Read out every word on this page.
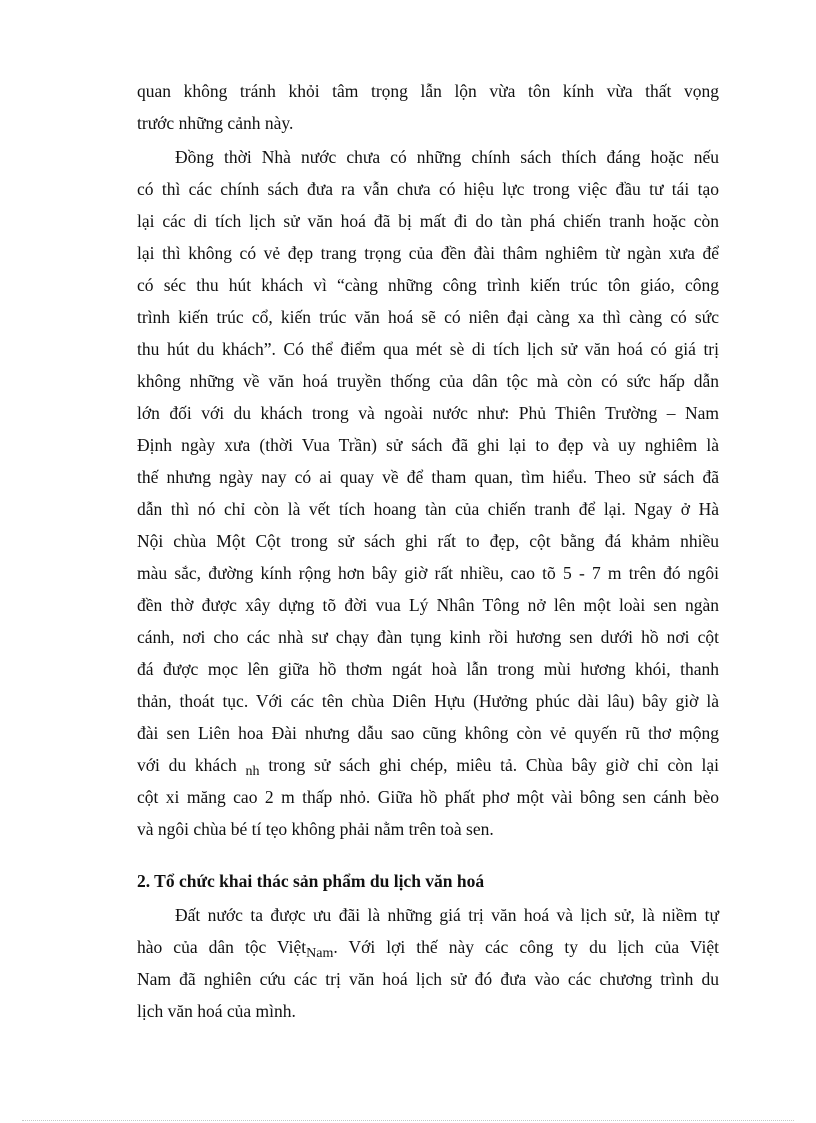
quan không tránh khỏi tâm trọng lẫn lộn vừa tôn kính vừa thất vọng
trước những cảnh này.
Đồng thời Nhà nước chưa có những chính sách thích đáng hoặc nếu
có thì các chính sách đưa ra vẫn chưa có hiệu lực trong việc đầu tư tái tạo
lại các di tích lịch sử văn hoá đã bị mất đi do tàn phá chiến tranh hoặc còn
lại thì không có vẻ đẹp trang trọng của đền đài thâm nghiêm từ ngàn xưa để
có séc thu hút khách vì “càng những công trình kiến trúc tôn giáo, công
trình kiến trúc cổ, kiến trúc văn hoá sẽ có niên đại càng xa thì càng có sức
thu hút du khách”. Có thể điểm qua mét sè di tích lịch sử văn hoá có giá trị
không những về văn hoá truyền thống của dân tộc mà còn có sức hấp dẫn
lớn đối với du khách trong và ngoài nước như: Phủ Thiên Trường – Nam
Định ngày xưa (thời Vua Trần) sử sách đã ghi lại to đẹp và uy nghiêm là
thế nhưng ngày nay có ai quay về để tham quan, tìm hiểu. Theo sử sách đã
dẫn thì nó chỉ còn là vết tích hoang tàn của chiến tranh để lại. Ngay ở Hà
Nội chùa Một Cột trong sử sách ghi rất to đẹp, cột bằng đá khảm nhiều
màu sắc, đường kính rộng hơn bây giờ rất nhiều, cao tõ 5 - 7 m trên đó ngôi
đền thờ được xây dựng tõ đời vua Lý Nhân Tông nở lên một loài sen ngàn
cánh, nơi cho các nhà sư chạy đàn tụng kinh rồi hương sen dưới hồ nơi cột
đá được mọc lên giữa hồ thơm ngát hoà lẫn trong mùi hương khói, thanh
thản, thoát tục. Với các tên chùa Diên Hựu (Hưởng phúc dài lâu) bây giờ là
đài sen Liên hoa Đài nhưng dẫu sao cũng không còn vẻ quyến rũ thơ mộng
với du khách $_{nh}$ trong sử sách ghi chép, miêu tả. Chùa bây giờ chỉ còn lại
cột xi măng cao 2 m thấp nhỏ. Giữa hồ phất phơ một vài bông sen cánh bèo
và ngôi chùa bé tí tẹo không phải nằm trên toà sen.
2. Tổ chức khai thác sản phẩm du lịch văn hoá
Đất nước ta được ưu đãi là những giá trị văn hoá và lịch sử, là niềm tự
hào của dân tộc Việt$_{Nam}$. Với lợi thế này các công ty du lịch của Việt
Nam đã nghiên cứu các trị văn hoá lịch sử đó đưa vào các chương trình du
lịch văn hoá của mình.
